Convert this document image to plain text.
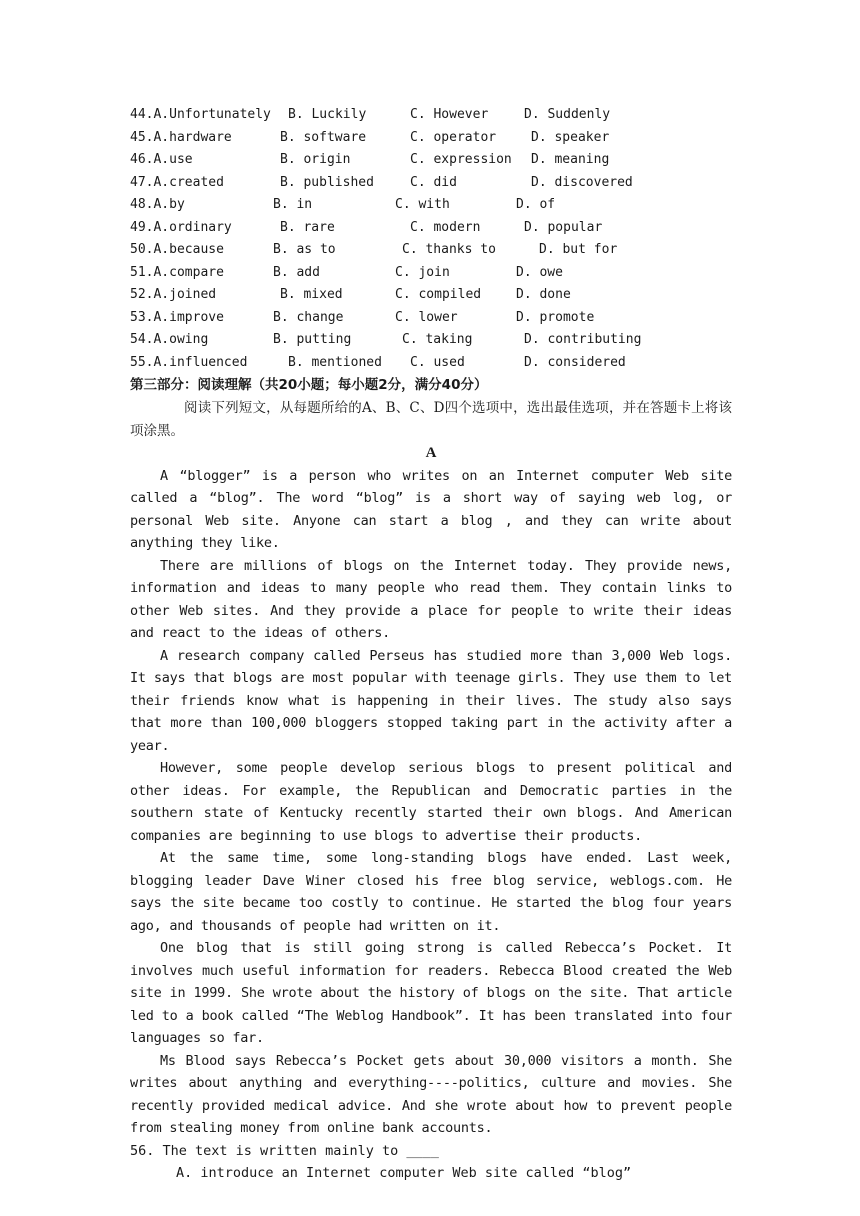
44.A.Unfortunately B. Luckily	C. However	D. Suddenly
45.A.hardware	B. software	C. operator	D. speaker
46.A.use	B. origin	C. expression D. meaning
47.A.created	B. published	C. did	D. discovered
48.A.by	B. in	C. with	D. of
49.A.ordinary	B. rare	C. modern	D. popular
50.A.because	B. as to	C. thanks to	D. but for
51.A.compare	B. add	C. join	D. owe
52.A.joined	B. mixed	C. compiled	D. done
53.A.improve	B. change	C. lower	D. promote
54.A.owing	B. putting	C. taking	D. contributing
55.A.influenced	B. mentioned C. used	D. considered
第三部分：阅读理解（共20小题；每小题2分，满分40分）
阅读下列短文，从每题所给的A、B、C、D四个选项中，选出最佳选项，并在答题卡上将该项涂黑。
A

A “blogger” is a person who writes on an Internet computer Web site called a “blog”. The word “blog” is a short way of saying web log, or personal Web site. Anyone can start a blog , and they can write about anything they like.

There are millions of blogs on the Internet today. They provide news, information and ideas to many people who read them. They contain links to other Web sites. And they provide a place for people to write their ideas and react to the ideas of others.

A research company called Perseus has studied more than 3,000 Web logs. It says that blogs are most popular with teenage girls. They use them to let their friends know what is happening in their lives. The study also says that more than 100,000 bloggers stopped taking part in the activity after a year.

However, some people develop serious blogs to present political and other ideas. For example, the Republican and Democratic parties in the southern state of Kentucky recently started their own blogs. And American companies are beginning to use blogs to advertise their products.

At the same time, some long-standing blogs have ended. Last week, blogging leader Dave Winer closed his free blog service, weblogs.com. He says the site became too costly to continue. He started the blog four years ago, and thousands of people had written on it.

One blog that is still going strong is called Rebecca’s Pocket. It involves much useful information for readers. Rebecca Blood created the Web site in 1999. She wrote about the history of blogs on the site. That article led to a book called “The Weblog Handbook”. It has been translated into four languages so far.

Ms Blood says Rebecca’s Pocket gets about 30,000 visitors a month. She writes about anything and everything----politics, culture and movies. She recently provided medical advice. And she wrote about how to prevent people from stealing money from online bank accounts.

56. The text is written mainly to ____

A. introduce an Internet computer Web site called “blog”
